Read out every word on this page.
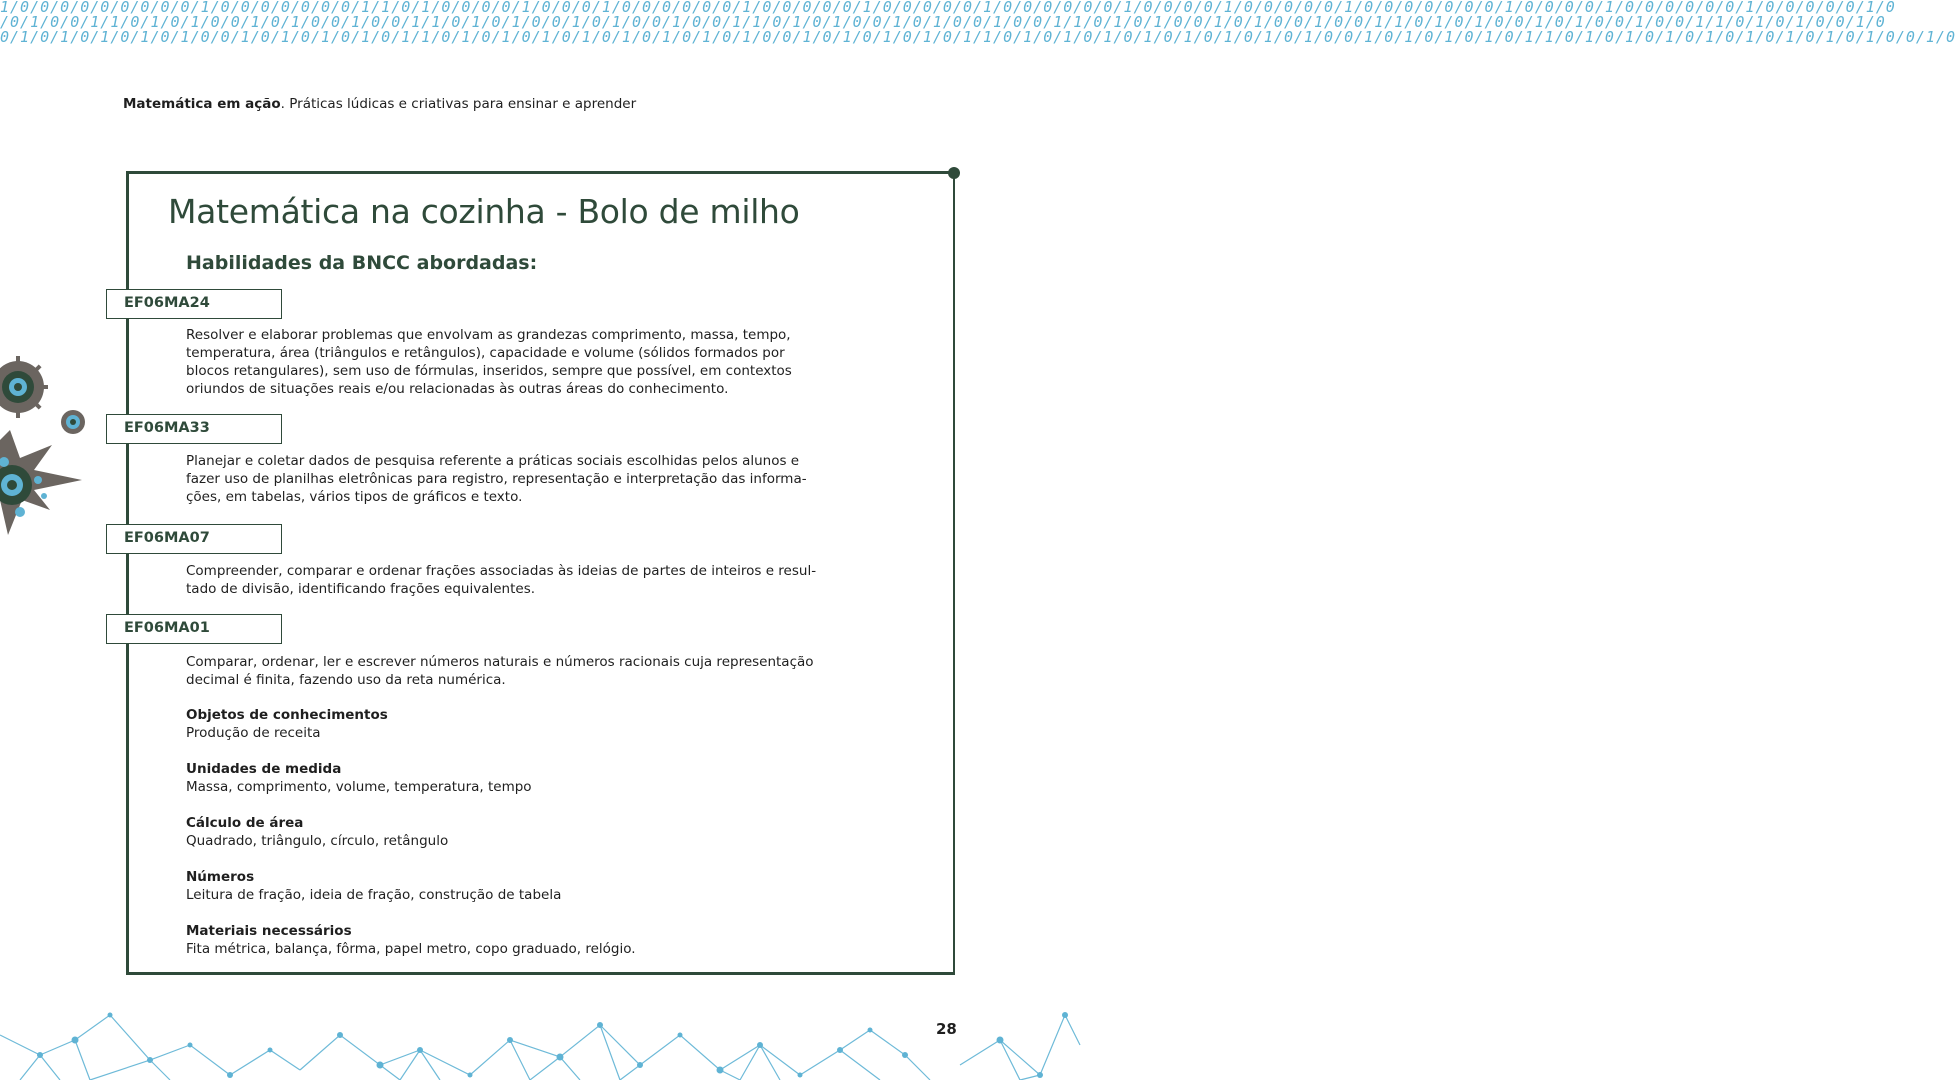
1/0/0/0/0/0/0/0/0/0/1/0/0/0/0/0/0/0/1/1/0/1/0/0/0/0/1/0/0/0/1/0/0/0/0/0/0/1/0/0/0/0/0/1/0/0/0/0/0/1/0/0/0/0/0/0/1/0/0/0/0/1/0/0/0/0/0/1/0/0/0/0/0/0/0/1/0/0/0/0/1/0/0/0/0/0/0/1/0/0/0/0/0/1/0
/0/1/0/0/1/1/0/1/0/1/0/0/1/0/1/0/0/1/0/0/1/1/0/1/0/1/0/0/1/0/1/0/0/1/0/0/1/1/0/1/0/1/0/0/1/0/1/0/0/1/0/0/1/1/0/1/0/1/0/0/1/0/1/0/0/1/0/0/1/1/0/1/0/1/0/0/1/0/1/0/0/1/0/0/1/1/0/1/0/1/0/0/1/0
0/1/0/1/0/1/0/1/0/1/0/0/1/0/1/0/1/0/1/0/1/1/0/1/0/1/0/1/0/1/0/1/0/1/0/1/0/1/0/0/1/0/1/0/1/0/1/0/1/1/0/1/0/1/0/1/0/1/0/1/0/1/0/1/0/1/0/0/1/0/1/0/1/0/1/0/1/1/0/1/0/1/0/1/0/1/0/1/0/1/0/1/0/1/0/0/1/0
Matemática em ação. Práticas lúdicas e criativas para ensinar e aprender
Matemática na cozinha - Bolo de milho
Habilidades da BNCC abordadas:
EF06MA24

Resolver e elaborar problemas que envolvam as grandezas comprimento, massa, tempo,
temperatura, área (triângulos e retângulos), capacidade e volume (sólidos formados por
blocos retangulares), sem uso de fórmulas, inseridos, sempre que possível, em contextos
oriundos de situações reais e/ou relacionadas às outras áreas do conhecimento.

EF06MA33

Planejar e coletar dados de pesquisa referente a práticas sociais escolhidas pelos alunos e
fazer uso de planilhas eletrônicas para registro, representação e interpretação das informa-
ções, em tabelas, vários tipos de gráficos e texto.

EF06MA07

Compreender, comparar e ordenar frações associadas às ideias de partes de inteiros e resul-
tado de divisão, identificando frações equivalentes.

EF06MA01

Comparar, ordenar, ler e escrever números naturais e números racionais cuja representação
decimal é finita, fazendo uso da reta numérica.

Objetos de conhecimentos
Produção de receita
Unidades de medida
Massa, comprimento, volume, temperatura, tempo
Cálculo de área
Quadrado, triângulo, círculo, retângulo
Números
Leitura de fração, ideia de fração, construção de tabela
Materiais necessários
Fita métrica, balança, fôrma, papel metro, copo graduado, relógio.
28
